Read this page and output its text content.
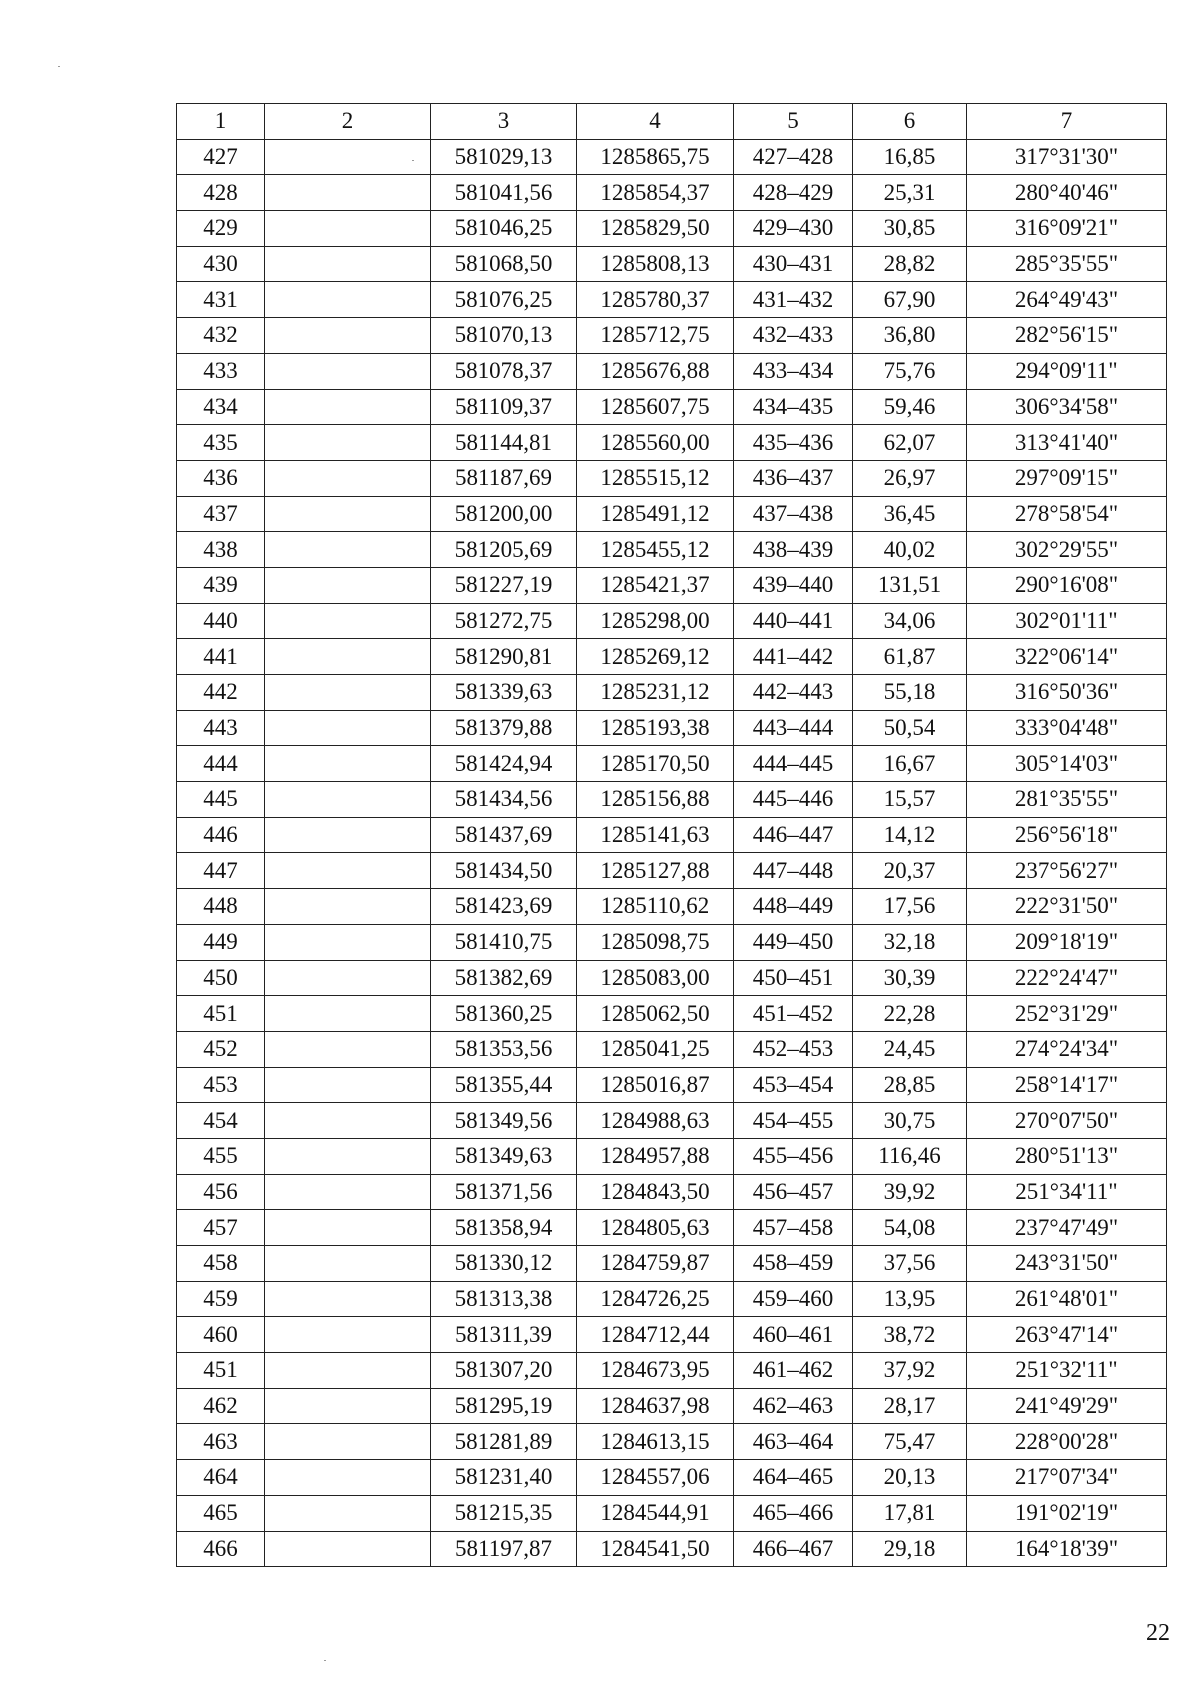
1	2	3	4	5	6	7
427		581029,13	1285865,75	427–428	16,85	317°31'30"
428		581041,56	1285854,37	428–429	25,31	280°40'46"
429		581046,25	1285829,50	429–430	30,85	316°09'21"
430		581068,50	1285808,13	430–431	28,82	285°35'55"
431		581076,25	1285780,37	431–432	67,90	264°49'43"
432		581070,13	1285712,75	432–433	36,80	282°56'15"
433		581078,37	1285676,88	433–434	75,76	294°09'11"
434		581109,37	1285607,75	434–435	59,46	306°34'58"
435		581144,81	1285560,00	435–436	62,07	313°41'40"
436		581187,69	1285515,12	436–437	26,97	297°09'15"
437		581200,00	1285491,12	437–438	36,45	278°58'54"
438		581205,69	1285455,12	438–439	40,02	302°29'55"
439		581227,19	1285421,37	439–440	131,51	290°16'08"
440		581272,75	1285298,00	440–441	34,06	302°01'11"
441		581290,81	1285269,12	441–442	61,87	322°06'14"
442		581339,63	1285231,12	442–443	55,18	316°50'36"
443		581379,88	1285193,38	443–444	50,54	333°04'48"
444		581424,94	1285170,50	444–445	16,67	305°14'03"
445		581434,56	1285156,88	445–446	15,57	281°35'55"
446		581437,69	1285141,63	446–447	14,12	256°56'18"
447		581434,50	1285127,88	447–448	20,37	237°56'27"
448		581423,69	1285110,62	448–449	17,56	222°31'50"
449		581410,75	1285098,75	449–450	32,18	209°18'19"
450		581382,69	1285083,00	450–451	30,39	222°24'47"
451		581360,25	1285062,50	451–452	22,28	252°31'29"
452		581353,56	1285041,25	452–453	24,45	274°24'34"
453		581355,44	1285016,87	453–454	28,85	258°14'17"
454		581349,56	1284988,63	454–455	30,75	270°07'50"
455		581349,63	1284957,88	455–456	116,46	280°51'13"
456		581371,56	1284843,50	456–457	39,92	251°34'11"
457		581358,94	1284805,63	457–458	54,08	237°47'49"
458		581330,12	1284759,87	458–459	37,56	243°31'50"
459		581313,38	1284726,25	459–460	13,95	261°48'01"
460		581311,39	1284712,44	460–461	38,72	263°47'14"
451		581307,20	1284673,95	461–462	37,92	251°32'11"
462		581295,19	1284637,98	462–463	28,17	241°49'29"
463		581281,89	1284613,15	463–464	75,47	228°00'28"
464		581231,40	1284557,06	464–465	20,13	217°07'34"
465		581215,35	1284544,91	465–466	17,81	191°02'19"
466		581197,87	1284541,50	466–467	29,18	164°18'39"
22
